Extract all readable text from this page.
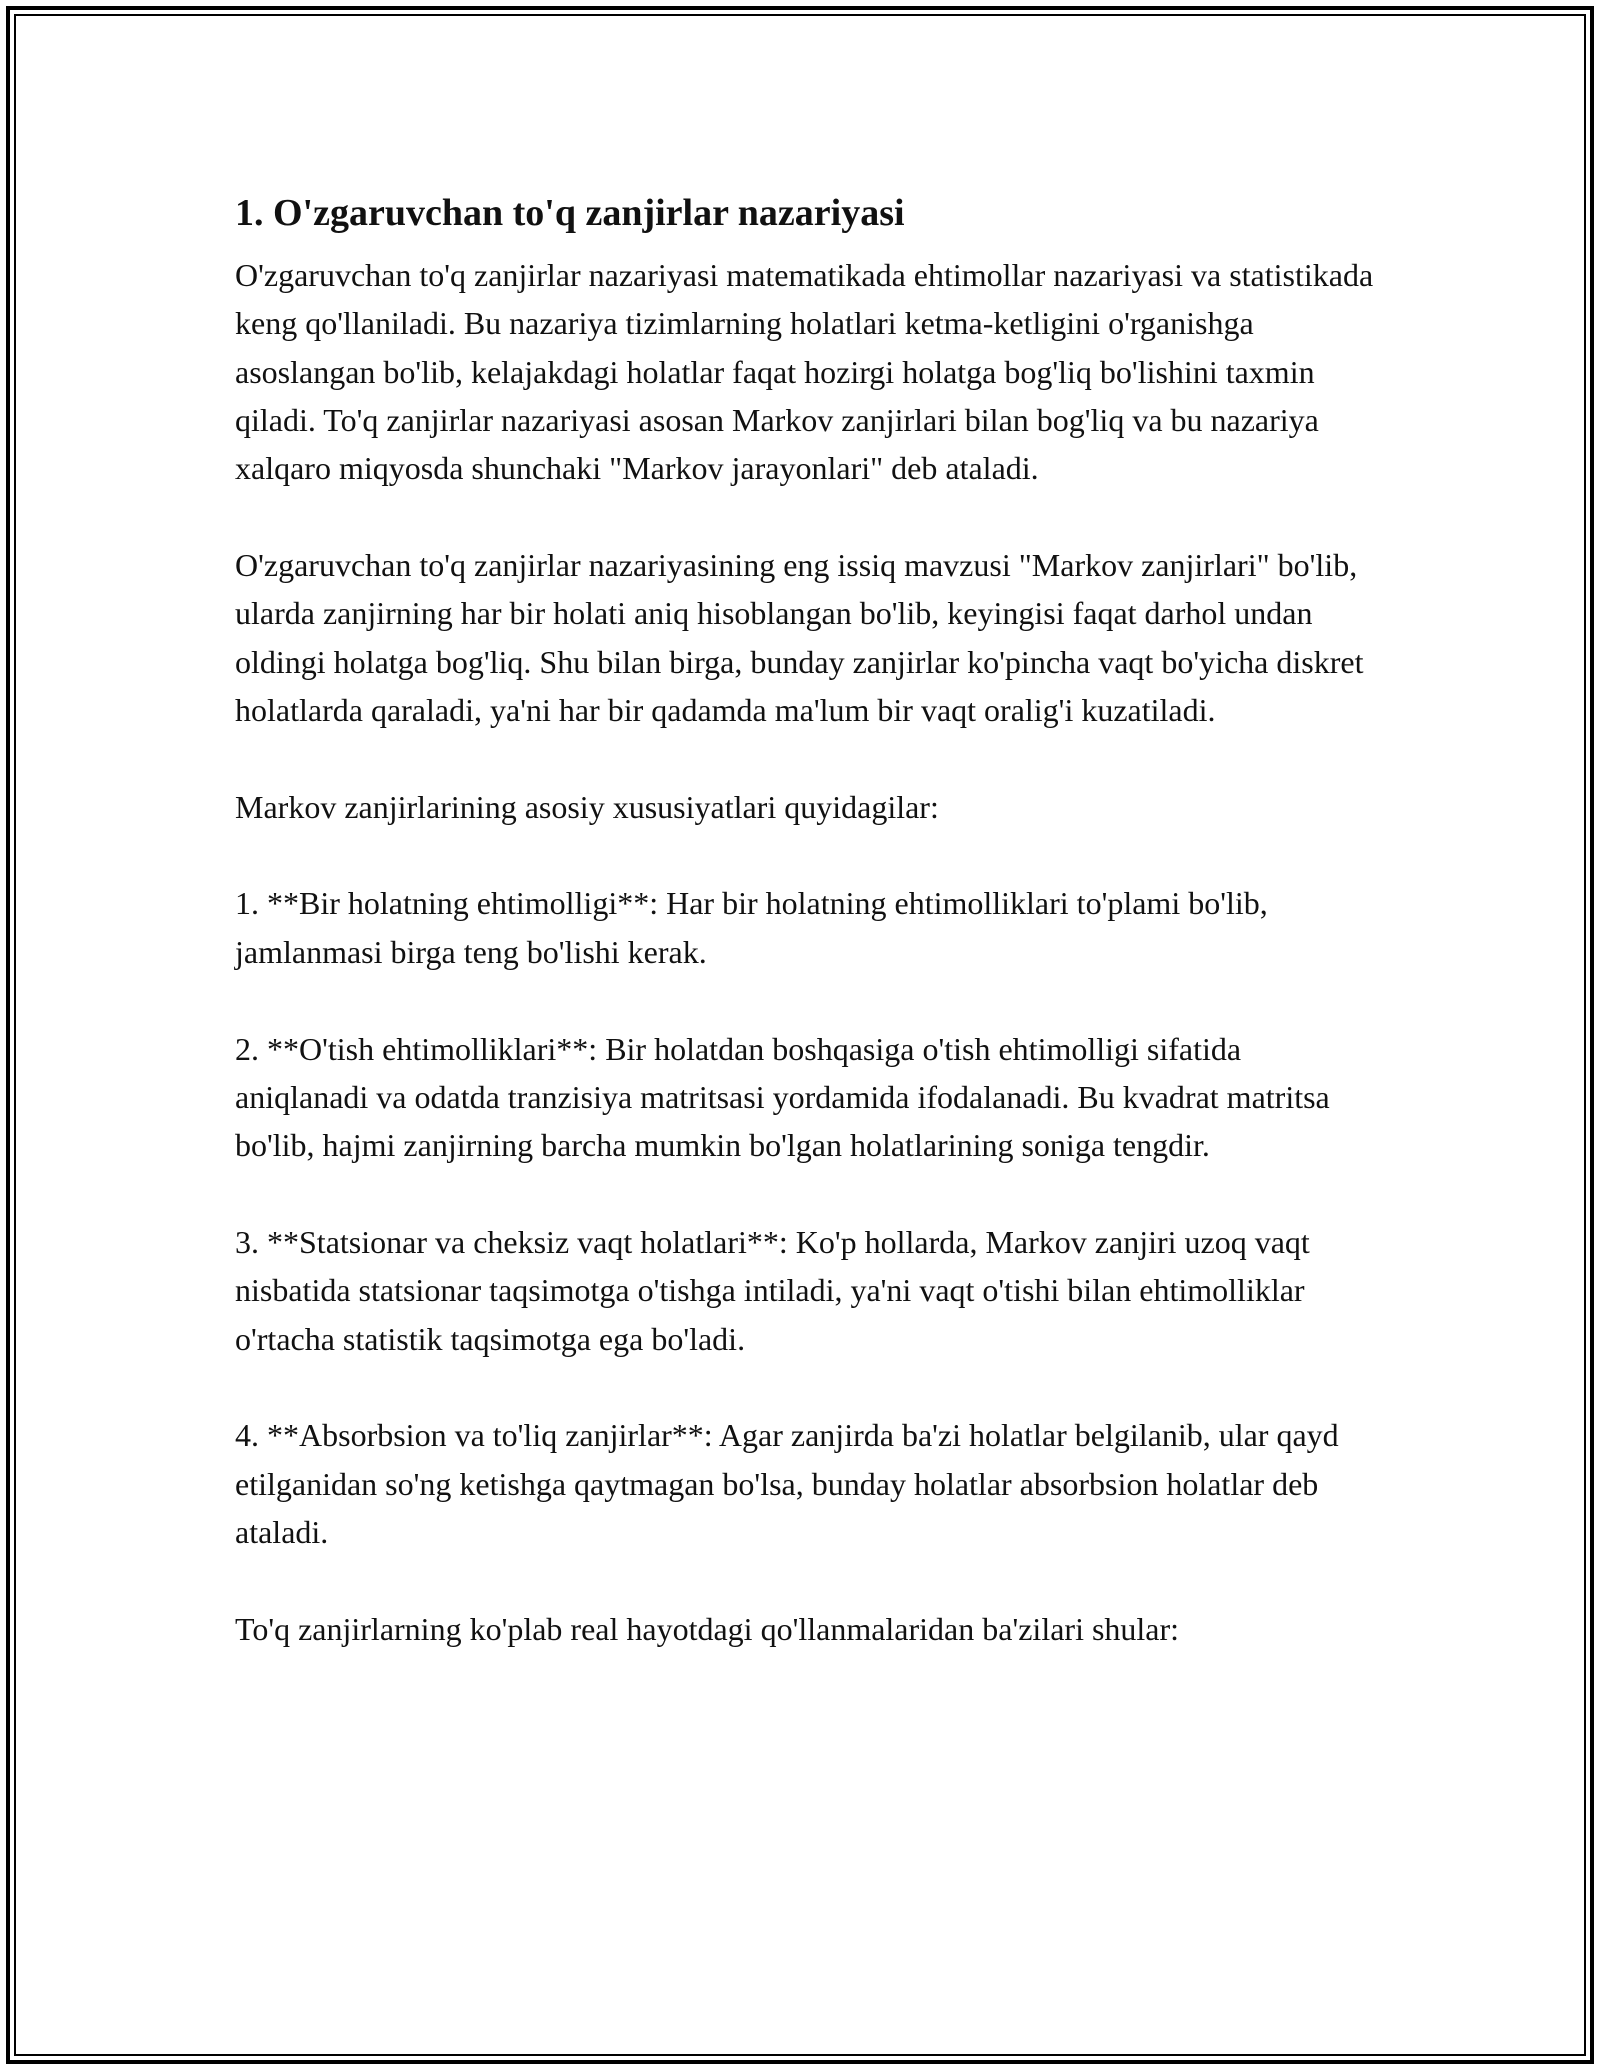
1. O'zgaruvchan to'q zanjirlar nazariyasi

O'zgaruvchan to'q zanjirlar nazariyasi matematikada ehtimollar nazariyasi va statistikada keng qo'llaniladi. Bu nazariya tizimlarning holatlari ketma-ketligini o'rganishga asoslangan bo'lib, kelajakdagi holatlar faqat hozirgi holatga bog'liq bo'lishini taxmin qiladi. To'q zanjirlar nazariyasi asosan Markov zanjirlari bilan bog'liq va bu nazariya xalqaro miqyosda shunchaki "Markov jarayonlari" deb ataladi.

O'zgaruvchan to'q zanjirlar nazariyasining eng issiq mavzusi "Markov zanjirlari" bo'lib, ularda zanjirning har bir holati aniq hisoblangan bo'lib, keyingisi faqat darhol undan oldingi holatga bog'liq. Shu bilan birga, bunday zanjirlar ko'pincha vaqt bo'yicha diskret holatlarda qaraladi, ya'ni har bir qadamda ma'lum bir vaqt oralig'i kuzatiladi.

Markov zanjirlarining asosiy xususiyatlari quyidagilar:

1. **Bir holatning ehtimolligi**: Har bir holatning ehtimolliklari to'plami bo'lib, jamlanmasi birga teng bo'lishi kerak.

2. **O'tish ehtimolliklari**: Bir holatdan boshqasiga o'tish ehtimolligi sifatida aniqlanadi va odatda tranzisiya matritsasi yordamida ifodalanadi. Bu kvadrat matritsa bo'lib, hajmi zanjirning barcha mumkin bo'lgan holatlarining soniga tengdir.

3. **Statsionar va cheksiz vaqt holatlari**: Ko'p hollarda, Markov zanjiri uzoq vaqt nisbatida statsionar taqsimotga o'tishga intiladi, ya'ni vaqt o'tishi bilan ehtimolliklar o'rtacha statistik taqsimotga ega bo'ladi.

4. **Absorbsion va to'liq zanjirlar**: Agar zanjirda ba'zi holatlar belgilanib, ular qayd etilganidan so'ng ketishga qaytmagan bo'lsa, bunday holatlar absorbsion holatlar deb ataladi.

To'q zanjirlarning ko'plab real hayotdagi qo'llanmalaridan ba'zilari shular:
